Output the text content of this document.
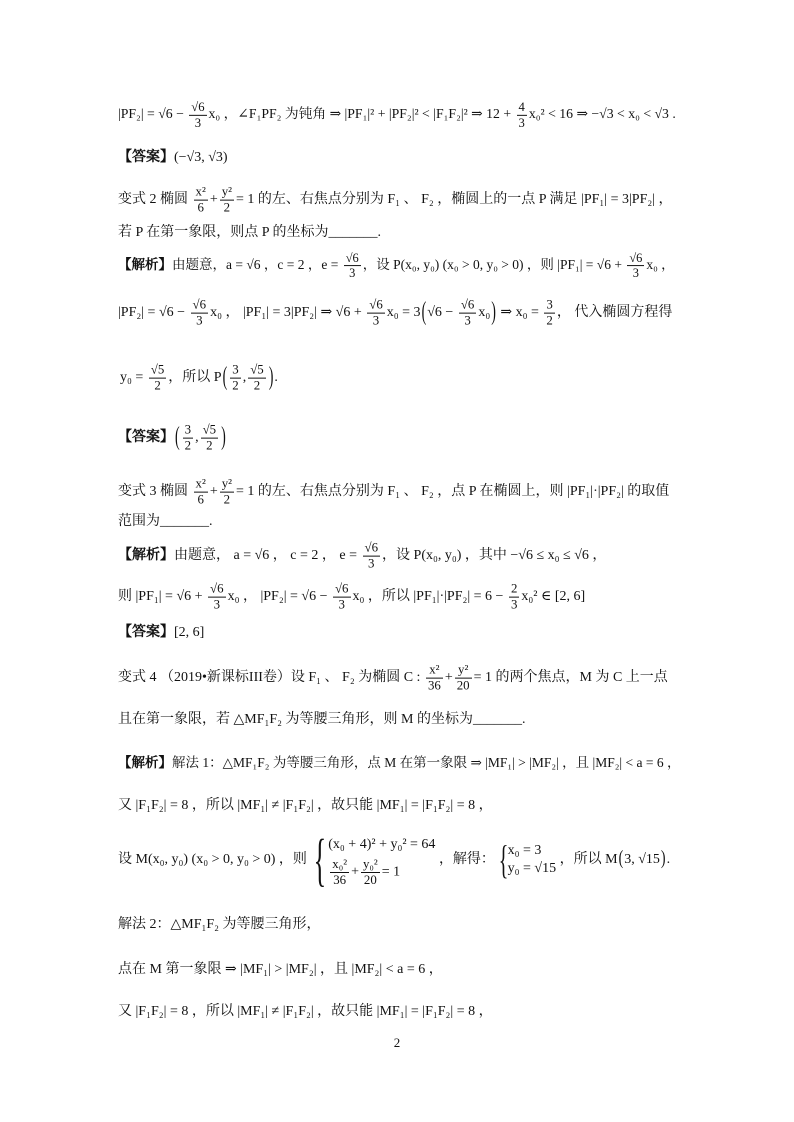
$|PF_2| = √6 - \frac{√6}{3} x_0$ ，∠F₁PF₂ 为钝角 ⇒ |PF₁|² + |PF₂|² < |F₁F₂|² ⇒ $12 + \frac{4}{3} x_0^2 < 16$ ⇒ −√3 < x₀ < √3 .
【答案】(−√3, √3)
变式 2 椭圆 $\frac{\text{x²}}{6} + \frac{\text{y²}}{2} = 1$ 的左、右焦点分别为 F₁ 、 F₂ ，椭圆上的一点 P 满足 |PF₁| = 3|PF₂| ，
若 P 在第一象限，则点 P 的坐标为_______.
【解析】由题意，a = √6 ，c = 2 ，$e = \frac{√6}{3}$ ，设 P(x₀, y₀) (x₀ > 0, y₀ > 0) ，则 $|PF_1| = √6 + \frac{√6}{3} x_0$ ，
$|PF_2| = √6 - \frac{√6}{3} x_0$ ， |PF₁| = 3|PF₂| ⇒ $√6 + \frac{√6}{3} x_0 = 3(√6 - \frac{√6}{3} x_0)$ ⇒ $x_0 = \frac{3}{2}$ ， 代入椭圆方程得
$y_0 = \frac{√5}{2}$ ，所以 $P( \frac{3}{2}$ , $\frac{√5}{2}$ ).
【答案】( $\frac{3}{2}$ , $\frac{√5}{2}$ )
变式 3 椭圆 $\frac{\text{x²}}{6} + \frac{\text{y²}}{2} = 1$ 的左、右焦点分别为 F₁ 、 F₂ ，点 P 在椭圆上，则 |PF₁|·|PF₂| 的取值
范围为_______.
【解析】由题意， a = √6 ， c = 2 ， $e = \frac{√6}{3}$ ，设 P(x₀, y₀) ，其中 −√6 ≤ x₀ ≤ √6 ，
则 $|PF_1| = √6 + \frac{√6}{3} x_0$ ， $|PF_2| = √6 - \frac{√6}{3} x_0$ ，所以 $|PF_1|\cdot|PF_2| = 6 - \frac{2}{3} x_0^2$ ∈ [2, 6]
【答案】[2, 6]
变式 4 （2019•新课标III卷）设 F₁ 、 F₂ 为椭圆 C : $\frac{\text{x²}}{36} + \frac{\text{y²}}{20} = 1$ 的两个焦点，M 为 C 上一点
且在第一象限，若 △MF₁F₂ 为等腰三角形，则 M 的坐标为_______.
【解析】解法 1：△MF₁F₂ 为等腰三角形，点 M 在第一象限 ⇒ |MF₁| > |MF₂| ，且 |MF₂| < a = 6 ，
又 |F₁F₂| = 8 ，所以 |MF₁| ≠ |F₁F₂| ，故只能 |MF₁| = |F₁F₂| = 8 ，
设 M(x₀, y₀) (x₀ > 0, y₀ > 0) ，则 { (x₀ + 4)² + y₀² = 64
$\frac{\text{x₀²}}{36} + \frac{\text{y₀²}}{20} = 1$
，解得： {
x₀ = 3
y₀ = √15
，所以 M(3, √15).
解法 2：△MF₁F₂ 为等腰三角形，
点在 M 第一象限 ⇒ |MF₁| > |MF₂| ，且 |MF₂| < a = 6 ，
又 |F₁F₂| = 8 ，所以 |MF₁| ≠ |F₁F₂| ，故只能 |MF₁| = |F₁F₂| = 8 ，
2
